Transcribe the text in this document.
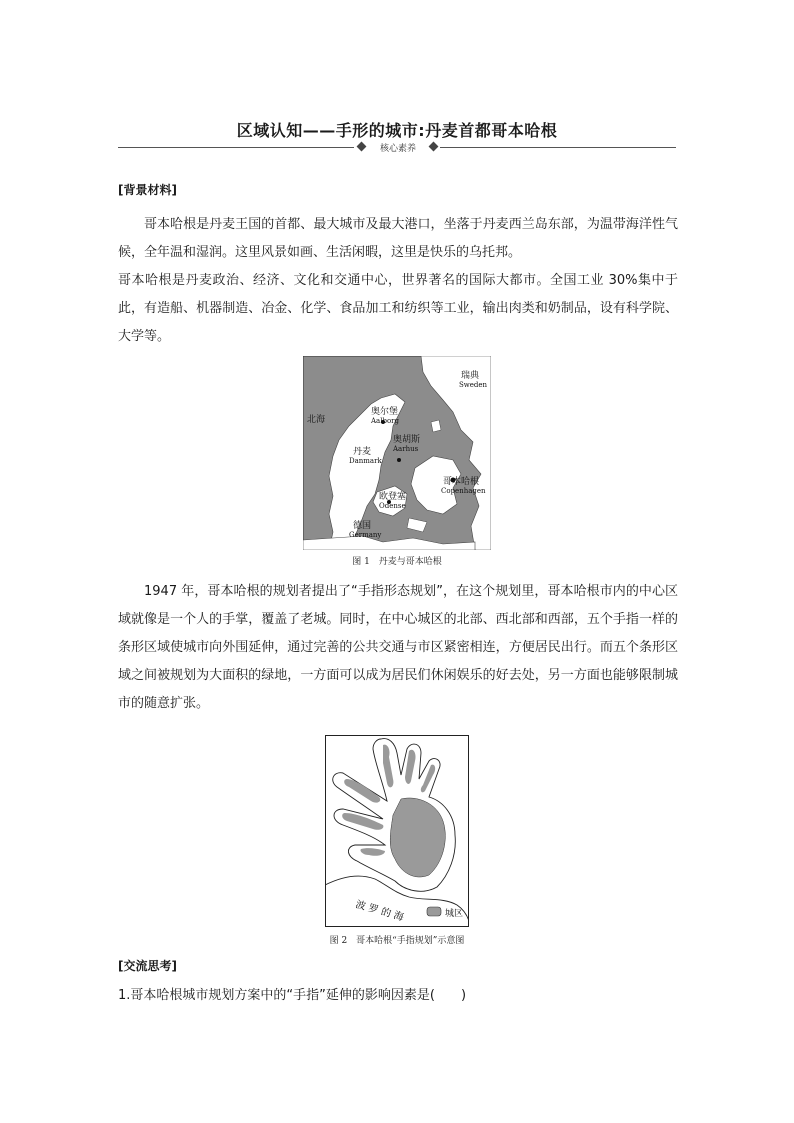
区域认知——手形的城市:丹麦首都哥本哈根
核心素养
[背景材料]
哥本哈根是丹麦王国的首都、最大城市及最大港口，坐落于丹麦西兰岛东部，为温带海洋性气候，全年温和湿润。这里风景如画、生活闲暇，这里是快乐的乌托邦。
哥本哈根是丹麦政治、经济、文化和交通中心，世界著名的国际大都市。全国工业 30%集中于此，有造船、机器制造、冶金、化学、食品加工和纺织等工业，输出肉类和奶制品，设有科学院、大学等。
瑞典
Sweden
北海
奥尔堡
Aalborg
奥胡斯
Aarhus
丹麦
Danmark
哥本哈根
Copenhagen
欧登塞
Odense
德国
Germany
图 1　丹麦与哥本哈根
1947 年，哥本哈根的规划者提出了“手指形态规划”，在这个规划里，哥本哈根市内的中心区域就像是一个人的手掌，覆盖了老城。同时，在中心城区的北部、西北部和西部，五个手指一样的条形区域使城市向外围延伸，通过完善的公共交通与市区紧密相连，方便居民出行。而五个条形区域之间被规划为大面积的绿地，一方面可以成为居民们休闲娱乐的好去处，另一方面也能够限制城市的随意扩张。
波 罗 的 海	城区
图 2　哥本哈根“手指规划”示意图
[交流思考]
1.哥本哈根城市规划方案中的“手指”延伸的影响因素是(　　)
